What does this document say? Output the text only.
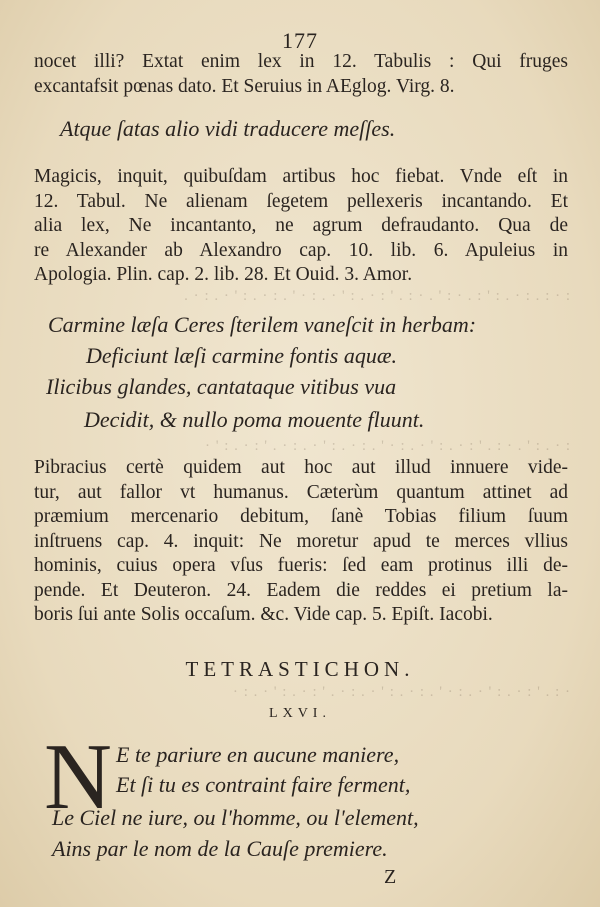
177
nocet illi? Extat enim lex in 12. Tabulis : Qui fruges
excantafsit pœnas dato. Et Seruius in AEglog. Virg. 8.
Atque ſatas alio vidi traducere meſſes.
Magicis, inquit, quibuſdam artibus hoc fiebat. Vnde eſt in
12. Tabul. Ne alienam ſegetem pellexeris incantando. Et
alia lex, Ne incantanto, ne agrum defraudanto. Qua de
re Alexander ab Alexandro cap. 10. lib. 6. Apuleius in
Apologia. Plin. cap. 2. lib. 28. Et Ouid. 3. Amor.
: · : . : · . : ' : . · : ' . · : . ' : · . : ' · . : · ' . : · . : ' · . : · .
Carmine læſa Ceres ſterilem vaneſcit in herbam:
Deficiunt læſi carmine fontis aquæ.
Ilicibus glandes, cantataque vitibus vua
Decidit, & nullo poma mouente fluunt.
: · . : ' . · : . ' : · . : ' · . : · ' . : · . : ' · . : · . ' : · . : ' ·
Pibracius certè quidem aut hoc aut illud innuere vide-
tur, aut fallor vt humanus. Cæterùm quantum attinet ad
præmium mercenario debitum, ſanè Tobias filium ſuum
inſtruens cap. 4. inquit: Ne moretur apud te merces vllius
hominis, cuius opera vſus fueris: ſed eam protinus illi de-
pende. Et Deuteron. 24. Eadem die reddes ei pretium la-
boris ſui ante Solis occaſum. &c. Vide cap. 5. Epiſt. Iacobi.
TETRASTICHON.
· : . ' : · . : ' · . : · ' . : · . : ' · . : · . ' : · . : ' · . : ·
LXVI.
N E te pariure en aucune maniere,
Et ſi tu es contraint faire ferment,
Le Ciel ne iure, ou l'homme, ou l'element,
Ains par le nom de la Cauſe premiere.
Z
